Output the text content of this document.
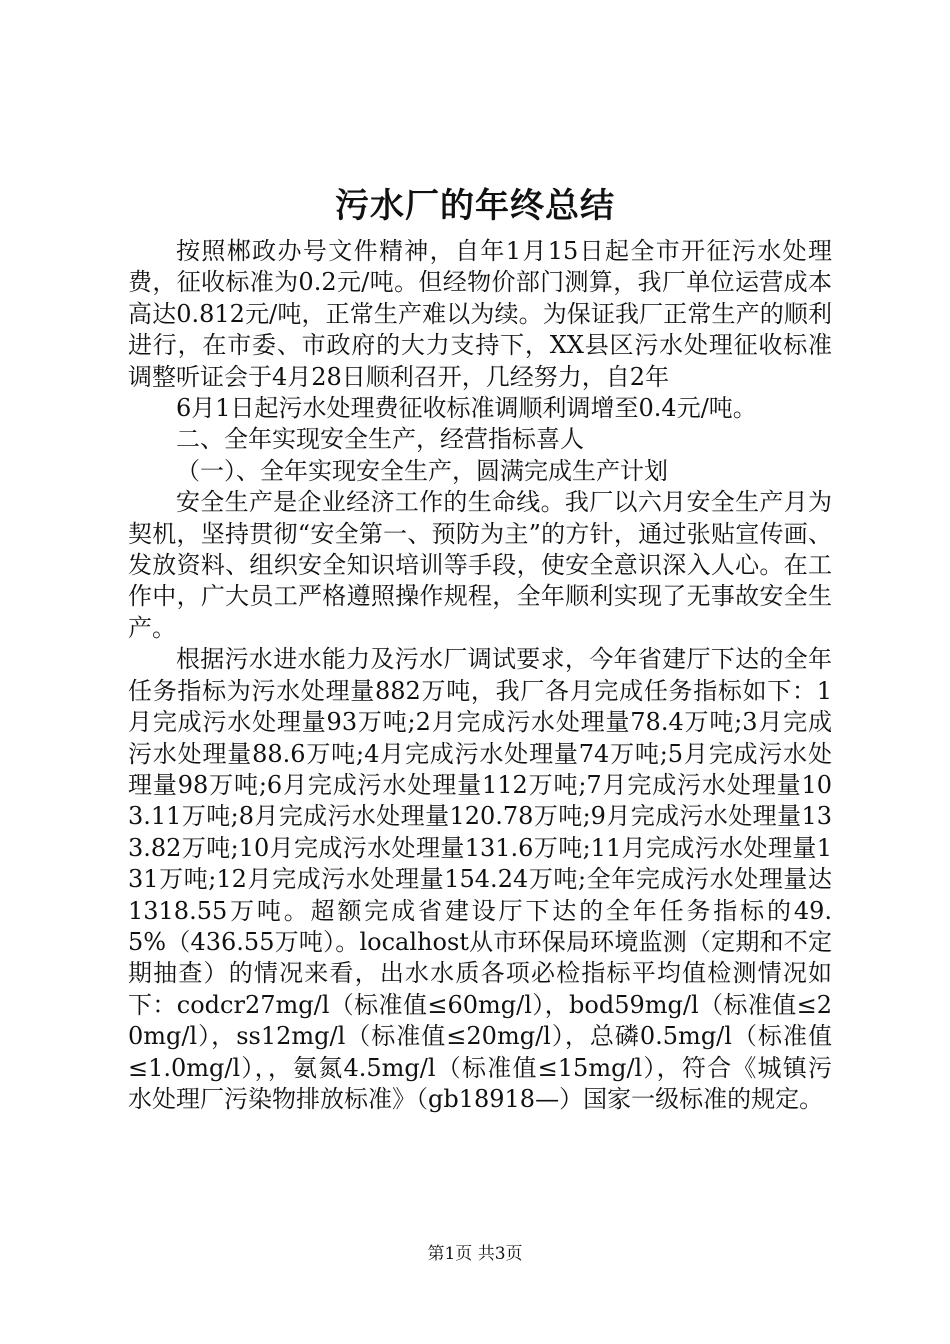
污水厂的年终总结

按照郴政办号文件精神，自年1月15日起全市开征污水处理费，征收标准为0.2元/吨。但经物价部门测算，我厂单位运营成本高达0.812元/吨，正常生产难以为续。为保证我厂正常生产的顺利进行，在市委、市政府的大力支持下，XX县区污水处理征收标准调整听证会于4月28日顺利召开，几经努力，自2年

6月1日起污水处理费征收标准调顺利调增至0.4元/吨。

二、全年实现安全生产，经营指标喜人

（一）、全年实现安全生产，圆满完成生产计划

安全生产是企业经济工作的生命线。我厂以六月安全生产月为契机，坚持贯彻“安全第一、预防为主”的方针，通过张贴宣传画、发放资料、组织安全知识培训等手段，使安全意识深入人心。在工作中，广大员工严格遵照操作规程，全年顺利实现了无事故安全生产。

根据污水进水能力及污水厂调试要求，今年省建厅下达的全年任务指标为污水处理量882万吨，我厂各月完成任务指标如下：1月完成污水处理量93万吨;2月完成污水处理量78.4万吨;3月完成污水处理量88.6万吨;4月完成污水处理量74万吨;5月完成污水处理量98万吨;6月完成污水处理量112万吨;7月完成污水处理量103.11万吨;8月完成污水处理量120.78万吨;9月完成污水处理量133.82万吨;10月完成污水处理量131.6万吨;11月完成污水处理量131万吨;12月完成污水处理量154.24万吨;全年完成污水处理量达1318.55万吨。超额完成省建设厅下达的全年任务指标的49.5%（436.55万吨）。localhost从市环保局环境监测（定期和不定期抽查）的情况来看，出水水质各项必检指标平均值检测情况如下：codcr27mg/l（标准值≤60mg/l），bod59mg/l（标准值≤20mg/l），ss12mg/l（标准值≤20mg/l），总磷0.5mg/l（标准值≤1.0mg/l），，氨氮4.5mg/l（标准值≤15mg/l），符合《城镇污水处理厂污染物排放标准》（gb18918—）国家一级标准的规定。

第1页 共3页
